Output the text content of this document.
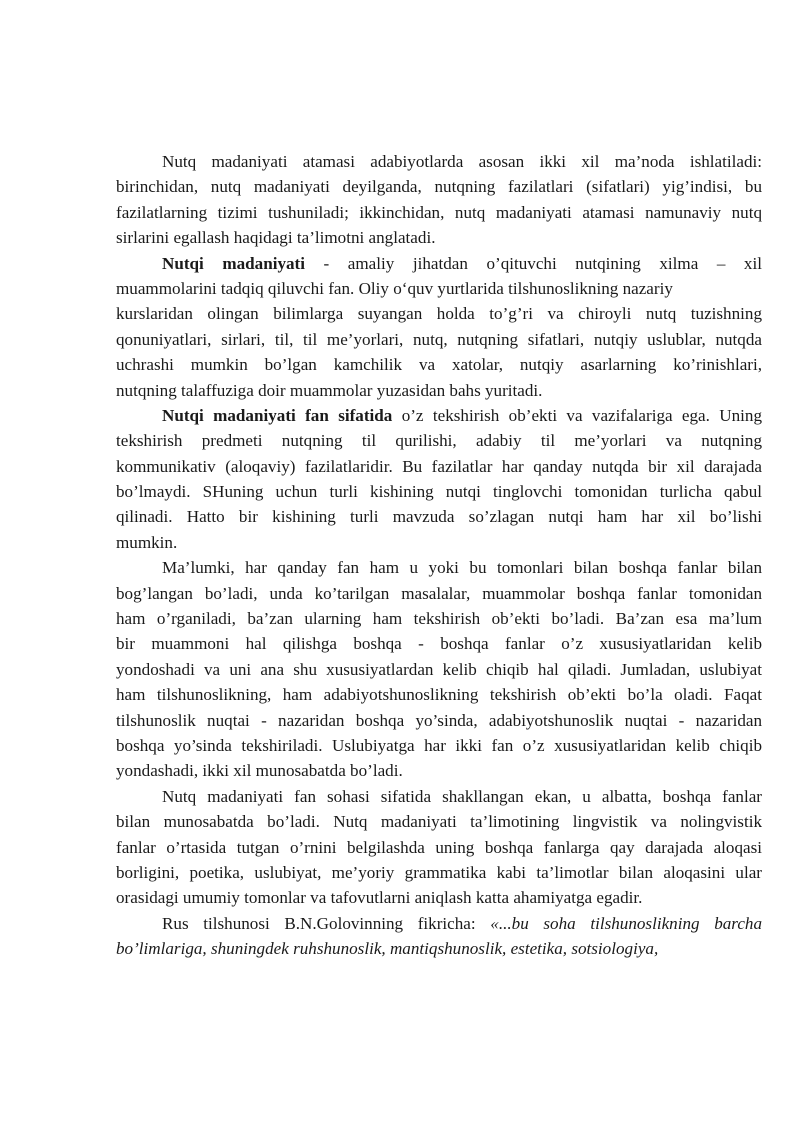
Nutq madaniyati atamasi adabiyotlarda asosan ikki xil ma’noda ishlatiladi:
birinchidan, nutq madaniyati deyilganda, nutqning fazilatlari (sifatlari) yig’indisi, bu
fazilatlarning tizimi tushuniladi; ikkinchidan, nutq madaniyati atamasi namunaviy nutq
sirlarini egallash haqidagi ta’limotni anglatadi.
Nutqi madaniyati - amaliy jihatdan o’qituvchi nutqining xilma – xil
muammolarini tadqiq qiluvchi fan. Oliy o‘quv yurtlarida tilshunoslikning nazariy
kurslaridan olingan bilimlarga suyangan holda to’g’ri va chiroyli nutq tuzishning
qonuniyatlari, sirlari, til, til me’yorlari, nutq, nutqning sifatlari, nutqiy uslublar, nutqda
uchrashi mumkin bo’lgan kamchilik va xatolar, nutqiy asarlarning ko’rinishlari,
nutqning talaffuziga doir muammolar yuzasidan bahs yuritadi.
Nutqi madaniyati fan sifatida o’z tekshirish ob’ekti va vazifalariga ega. Uning
tekshirish predmeti nutqning til qurilishi, adabiy til me’yorlari va nutqning
kommunikativ (aloqaviy) fazilatlaridir. Bu fazilatlar har qanday nutqda bir xil darajada
bo’lmaydi. SHuning uchun turli kishining nutqi tinglovchi tomonidan turlicha qabul
qilinadi. Hatto bir kishining turli mavzuda so’zlagan nutqi ham har xil bo’lishi
mumkin.
Ma’lumki, har qanday fan ham u yoki bu tomonlari bilan boshqa fanlar bilan
bog’langan bo’ladi, unda ko’tarilgan masalalar, muammolar boshqa fanlar tomonidan
ham o’rganiladi, ba’zan ularning ham tekshirish ob’ekti bo’ladi. Ba’zan esa ma’lum
bir muammoni hal qilishga boshqa - boshqa fanlar o’z xususiyatlaridan kelib
yondoshadi va uni ana shu xususiyatlardan kelib chiqib hal qiladi. Jumladan, uslubiyat
ham tilshunoslikning, ham adabiyotshunoslikning tekshirish ob’ekti bo’la oladi. Faqat
tilshunoslik nuqtai - nazaridan boshqa yo’sinda, adabiyotshunoslik nuqtai - nazaridan
boshqa yo’sinda tekshiriladi. Uslubiyatga har ikki fan o’z xususiyatlaridan kelib chiqib
yondashadi, ikki xil munosabatda bo’ladi.
Nutq madaniyati fan sohasi sifatida shakllangan ekan, u albatta, boshqa fanlar
bilan munosabatda bo’ladi. Nutq madaniyati ta’limotining lingvistik va nolingvistik
fanlar o’rtasida tutgan o’rnini belgilashda uning boshqa fanlarga qay darajada aloqasi
borligini, poetika, uslubiyat, me’yoriy grammatika kabi ta’limotlar bilan aloqasini ular
orasidagi umumiy tomonlar va tafovutlarni aniqlash katta ahamiyatga egadir.
Rus tilshunosi B.N.Golovinning fikricha: «...bu soha tilshunoslikning barcha
bo’limlariga, shuningdek ruhshunoslik, mantiqshunoslik, estetika, sotsiologiya,
